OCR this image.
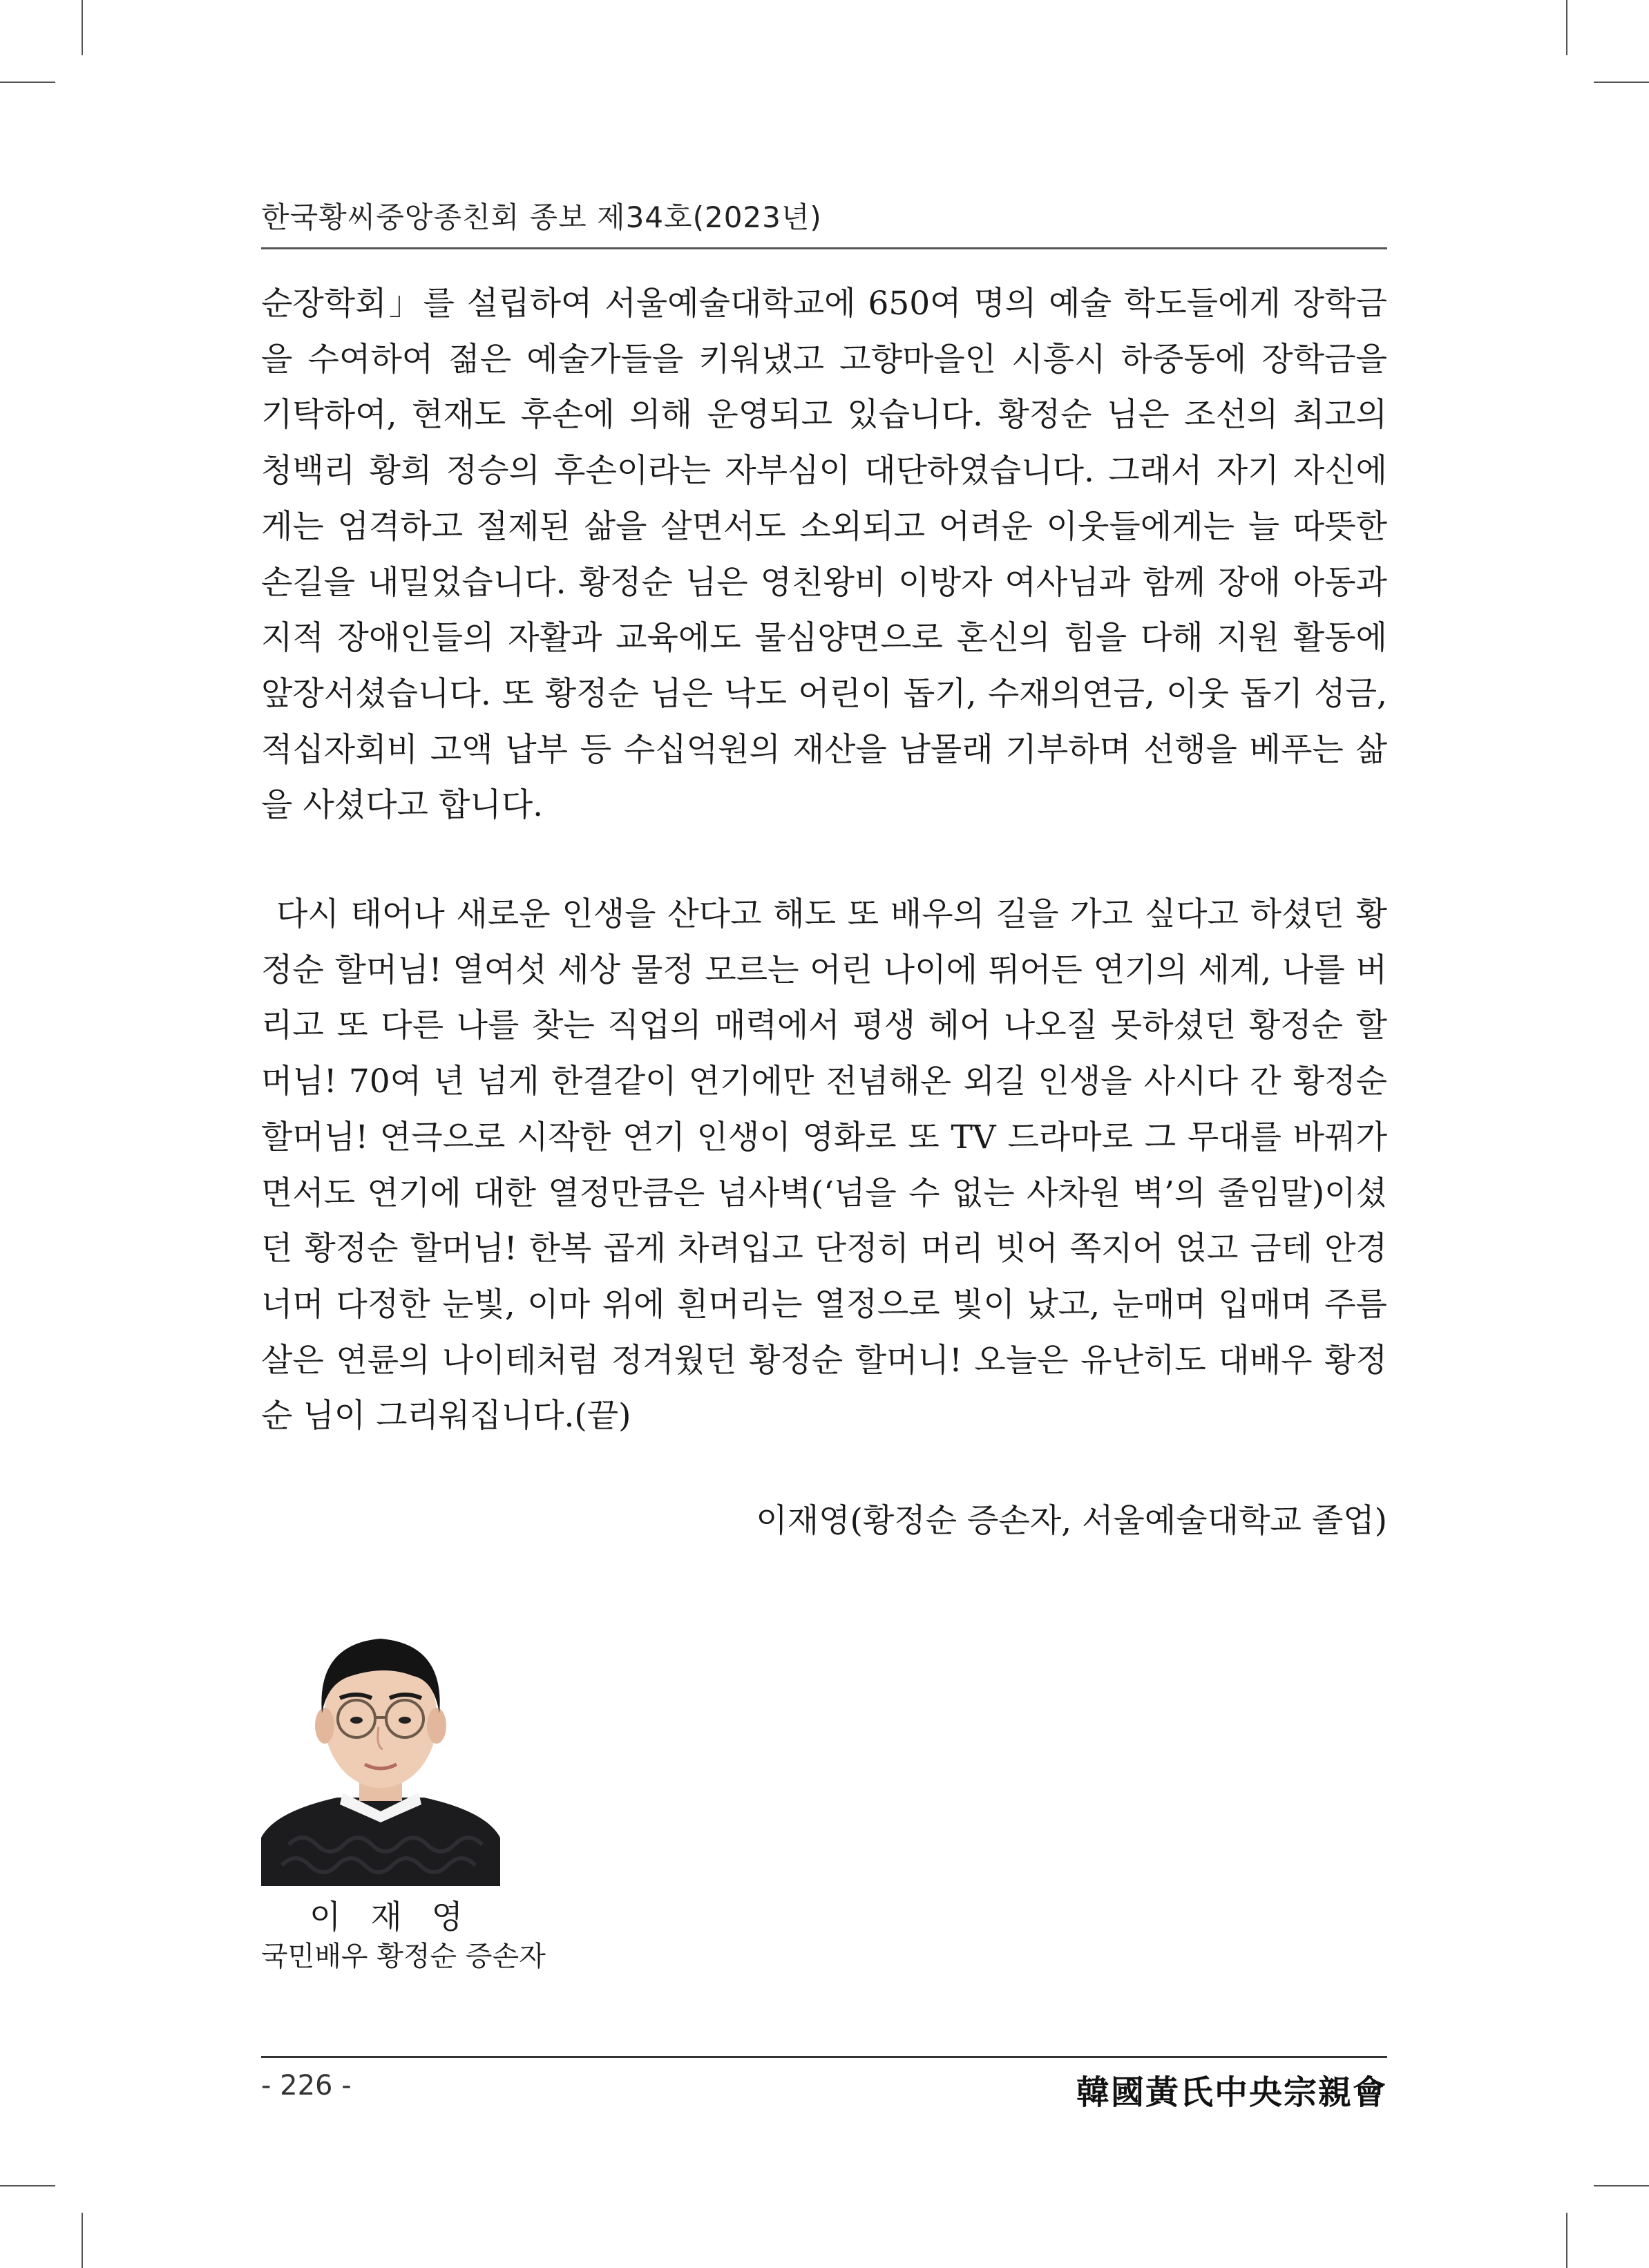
한국황씨중앙종친회 종보 제34호(2023년)

순장학회」를 설립하여 서울예술대학교에 650여 명의 예술 학도들에게 장학금을 수여하여 젊은 예술가들을 키워냈고 고향마을인 시흥시 하중동에 장학금을 기탁하여, 현재도 후손에 의해 운영되고 있습니다. 황정순 님은 조선의 최고의 청백리 황희 정승의 후손이라는 자부심이 대단하였습니다. 그래서 자기 자신에게는 엄격하고 절제된 삶을 살면서도 소외되고 어려운 이웃들에게는 늘 따뜻한 손길을 내밀었습니다. 황정순 님은 영친왕비 이방자 여사님과 함께 장애 아동과 지적 장애인들의 자활과 교육에도 물심양면으로 혼신의 힘을 다해 지원 활동에 앞장서셨습니다. 또 황정순 님은 낙도 어린이 돕기, 수재의연금, 이웃 돕기 성금, 적십자회비 고액 납부 등 수십억원의 재산을 남몰래 기부하며 선행을 베푸는 삶을 사셨다고 합니다.

다시 태어나 새로운 인생을 산다고 해도 또 배우의 길을 가고 싶다고 하셨던 황정순 할머님! 열여섯 세상 물정 모르는 어린 나이에 뛰어든 연기의 세계, 나를 버리고 또 다른 나를 찾는 직업의 매력에서 평생 헤어 나오질 못하셨던 황정순 할머님! 70여 년 넘게 한결같이 연기에만 전념해온 외길 인생을 사시다 간 황정순 할머님! 연극으로 시작한 연기 인생이 영화로 또 TV 드라마로 그 무대를 바꿔가면서도 연기에 대한 열정만큼은 넘사벽(‘넘을 수 없는 사차원 벽’의 줄임말)이셨던 황정순 할머님! 한복 곱게 차려입고 단정히 머리 빗어 쪽지어 얹고 금테 안경 너머 다정한 눈빛, 이마 위에 흰머리는 열정으로 빛이 났고, 눈매며 입매며 주름살은 연륜의 나이테처럼 정겨웠던 황정순 할머니! 오늘은 유난히도 대배우 황정순 님이 그리워집니다.(끝)

이재영(황정순 증손자, 서울예술대학교 졸업)
이 재 영
국민배우 황정순 증손자
- 226 -	韓國黃氏中央宗親會
